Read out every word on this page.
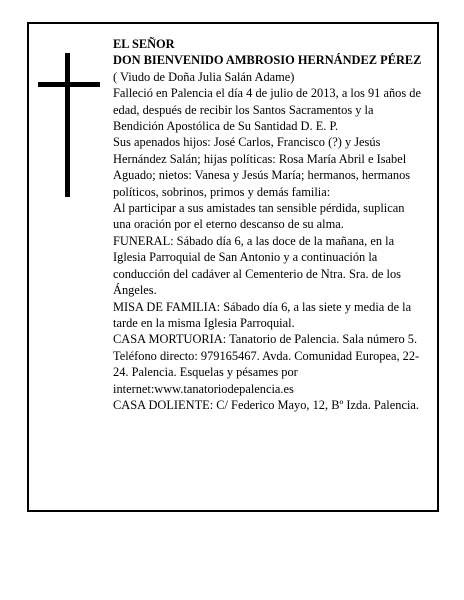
EL SEÑOR

DON BIENVENIDO AMBROSIO HERNÁNDEZ PÉREZ

( Viudo de Doña Julia Salán Adame)

Falleció en Palencia el día 4 de julio de 2013, a los 91 años de edad, después de recibir los Santos Sacramentos y la Bendición Apostólica de Su Santidad D. E. P.

Sus apenados hijos: José Carlos, Francisco (?) y Jesús Hernández Salán; hijas políticas: Rosa María Abril e Isabel Aguado; nietos: Vanesa y Jesús María; hermanos, hermanos políticos, sobrinos, primos y demás familia:

Al participar a sus amistades tan sensible pérdida, suplican una oración por el eterno descanso de su alma.

FUNERAL: Sábado día 6, a las doce de la mañana, en la Iglesia Parroquial de San Antonio y a continuación la conducción del cadáver al Cementerio de Ntra. Sra. de los Ángeles.

MISA DE FAMILIA: Sábado día 6, a las siete y media de la tarde en la misma Iglesia Parroquial.

CASA MORTUORIA: Tanatorio de Palencia. Sala número 5. Teléfono directo: 979165467. Avda. Comunidad Europea, 22-24. Palencia. Esquelas y pésames por internet:www.tanatoriodepalencia.es

CASA DOLIENTE: C/ Federico Mayo, 12, Bº Izda. Palencia.
